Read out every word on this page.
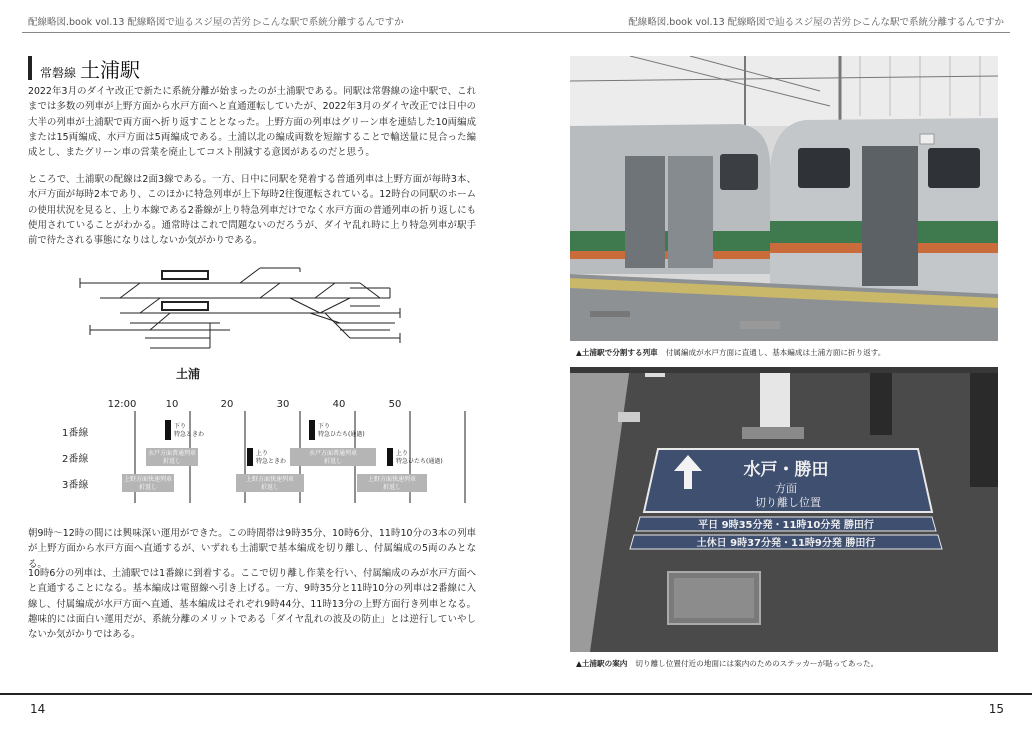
配線略図.book vol.13 配線略図で辿るスジ屋の苦労 ▷こんな駅で系統分離するんですか	配線略図.book vol.13 配線略図で辿るスジ屋の苦労 ▷こんな駅で系統分離するんですか
常磐線 土浦駅

2022年3月のダイヤ改正で新たに系統分離が始まったのが土浦駅である。同駅は常磐線の途中駅で、これまでは多数の列車が上野方面から水戸方面へと直通運転していたが、2022年3月のダイヤ改正では日中の大半の列車が土浦駅で両方面へ折り返すこととなった。上野方面の列車はグリーン車を連結した10両編成または15両編成、水戸方面は5両編成である。土浦以北の編成両数を短縮することで輸送量に見合った編成とし、またグリーン車の営業を廃止してコスト削減する意図があるのだと思う。

ところで、土浦駅の配線は2面3線である。一方、日中に同駅を発着する普通列車は上野方面が毎時3本、水戸方面が毎時2本であり、このほかに特急列車が上下毎時2往復運転されている。12時台の同駅のホームの使用状況を見ると、上り本線である2番線が上り特急列車だけでなく水戸方面の普通列車の折り返しにも使用されていることがわかる。通常時はこれで問題ないのだろうが、ダイヤ乱れ時に上り特急列車が駅手前で待たされる事態になりはしないか気がかりである。

土浦
12:00	10	20	30	40	50
1番線
2番線
3番線
下り
特急ときわ
下り
特急ひたち(通過)
水戸方面普通列車
折返し
上り
特急ときわ
水戸方面普通列車
折返し
上り
特急ひたち(通過)
上野方面快速列車
折返し
上野方面快速列車
折返し
上野方面快速列車
折返し

朝9時～12時の間には興味深い運用ができた。この時間帯は9時35分、10時6分、11時10分の3本の列車が上野方面から水戸方面へ直通するが、いずれも土浦駅で基本編成を切り離し、付属編成の5両のみとなる。

10時6分の列車は、土浦駅では1番線に到着する。ここで切り離し作業を行い、付属編成のみが水戸方面へと直通することになる。基本編成は電留線へ引き上げる。一方、9時35分と11時10分の列車は2番線に入線し、付属編成が水戸方面へ直通、基本編成はそれぞれ9時44分、11時13分の上野方面行き列車となる。趣味的には面白い運用だが、系統分離のメリットである「ダイヤ乱れの波及の防止」とは逆行していやしないか気がかりではある。

▲土浦駅で分割する列車 付属編成が水戸方面に直通し、基本編成は土浦方面に折り返す。
水戸・勝田
方面
切り離し位置
平日 9時35分発・11時10分発 勝田行
土休日 9時37分発・11時9分発 勝田行
▲土浦駅の案内 切り離し位置付近の地面には案内のためのステッカーが貼ってあった。
14	15
